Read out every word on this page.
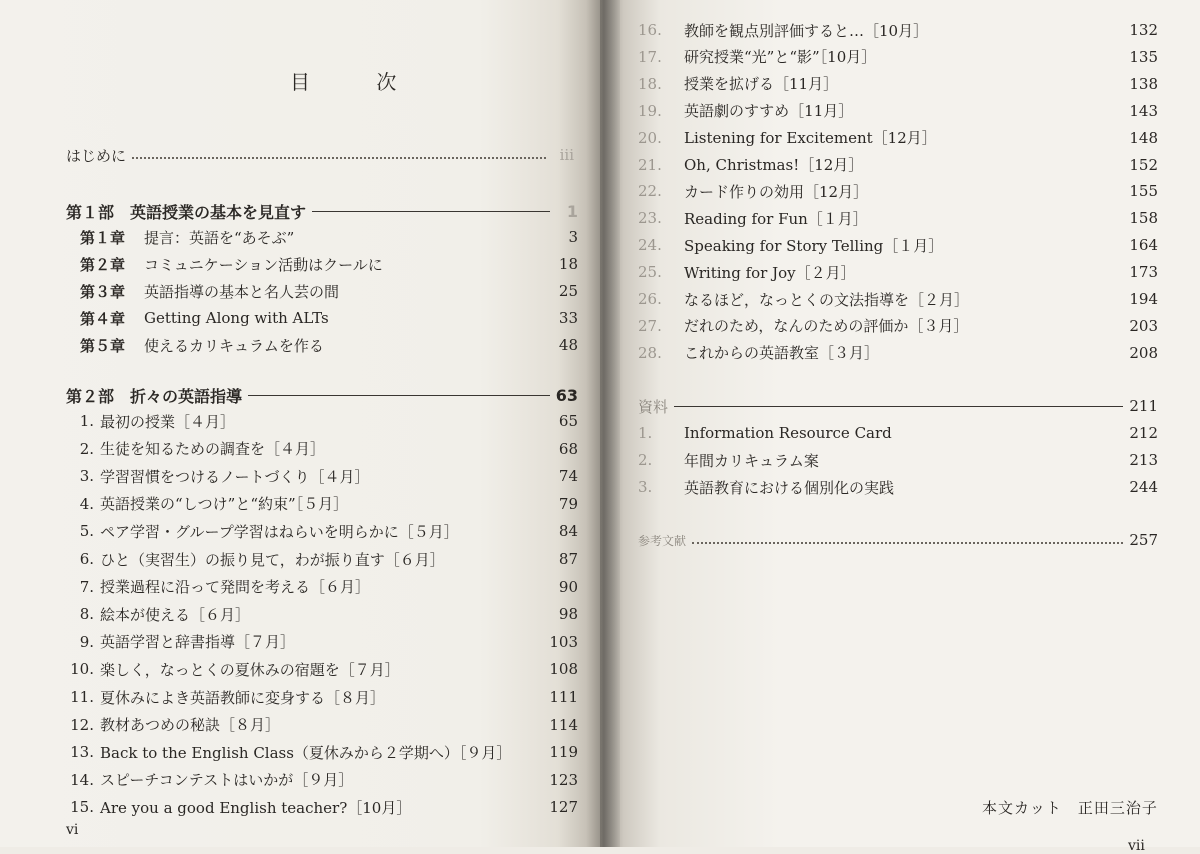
目 次
はじめに	iii
第１部　英語授業の基本を見直す	1
第１章	提言：英語を“あそぶ”	3
第２章	コミュニケーション活動はクールに	18
第３章	英語指導の基本と名人芸の間	25
第４章	Getting Along with ALTs	33
第５章	使えるカリキュラムを作る	48
第２部　折々の英語指導	63
1. 最初の授業［４月］	65
2. 生徒を知るための調査を［４月］	68
3. 学習習慣をつけるノートづくり［４月］	74
4. 英語授業の“しつけ”と“約束”［５月］	79
5. ペア学習・グループ学習はねらいを明らかに［５月］	84
6. ひと（実習生）の振り見て，わが振り直す［６月］	87
7. 授業過程に沿って発問を考える［６月］	90
8. 絵本が使える［６月］	98
9. 英語学習と辞書指導［７月］	103
10. 楽しく，なっとくの夏休みの宿題を［７月］	108
11. 夏休みによき英語教師に変身する［８月］	111
12. 教材あつめの秘訣［８月］	114
13. Back to the English Class（夏休みから２学期へ）［９月］	119
14. スピーチコンテストはいかが［９月］	123
15. Are you a good English teacher?［10月］	127
vi
16.	教師を観点別評価すると…［10月］	132
17.	研究授業“光”と“影”［10月］	135
18.	授業を拡げる［11月］	138
19.	英語劇のすすめ［11月］	143
20.	Listening for Excitement［12月］	148
21.	Oh, Christmas!［12月］	152
22.	カード作りの効用［12月］	155
23.	Reading for Fun［１月］	158
24.	Speaking for Story Telling［１月］	164
25.	Writing for Joy［２月］	173
26.	なるほど，なっとくの文法指導を［２月］	194
27.	だれのため，なんのための評価か［３月］	203
28.	これからの英語教室［３月］	208
資料	211
1.	Information Resource Card	212
2.	年間カリキュラム案	213
3.	英語教育における個別化の実践	244
参考文献	257
本文カット　正田三治子
vii
